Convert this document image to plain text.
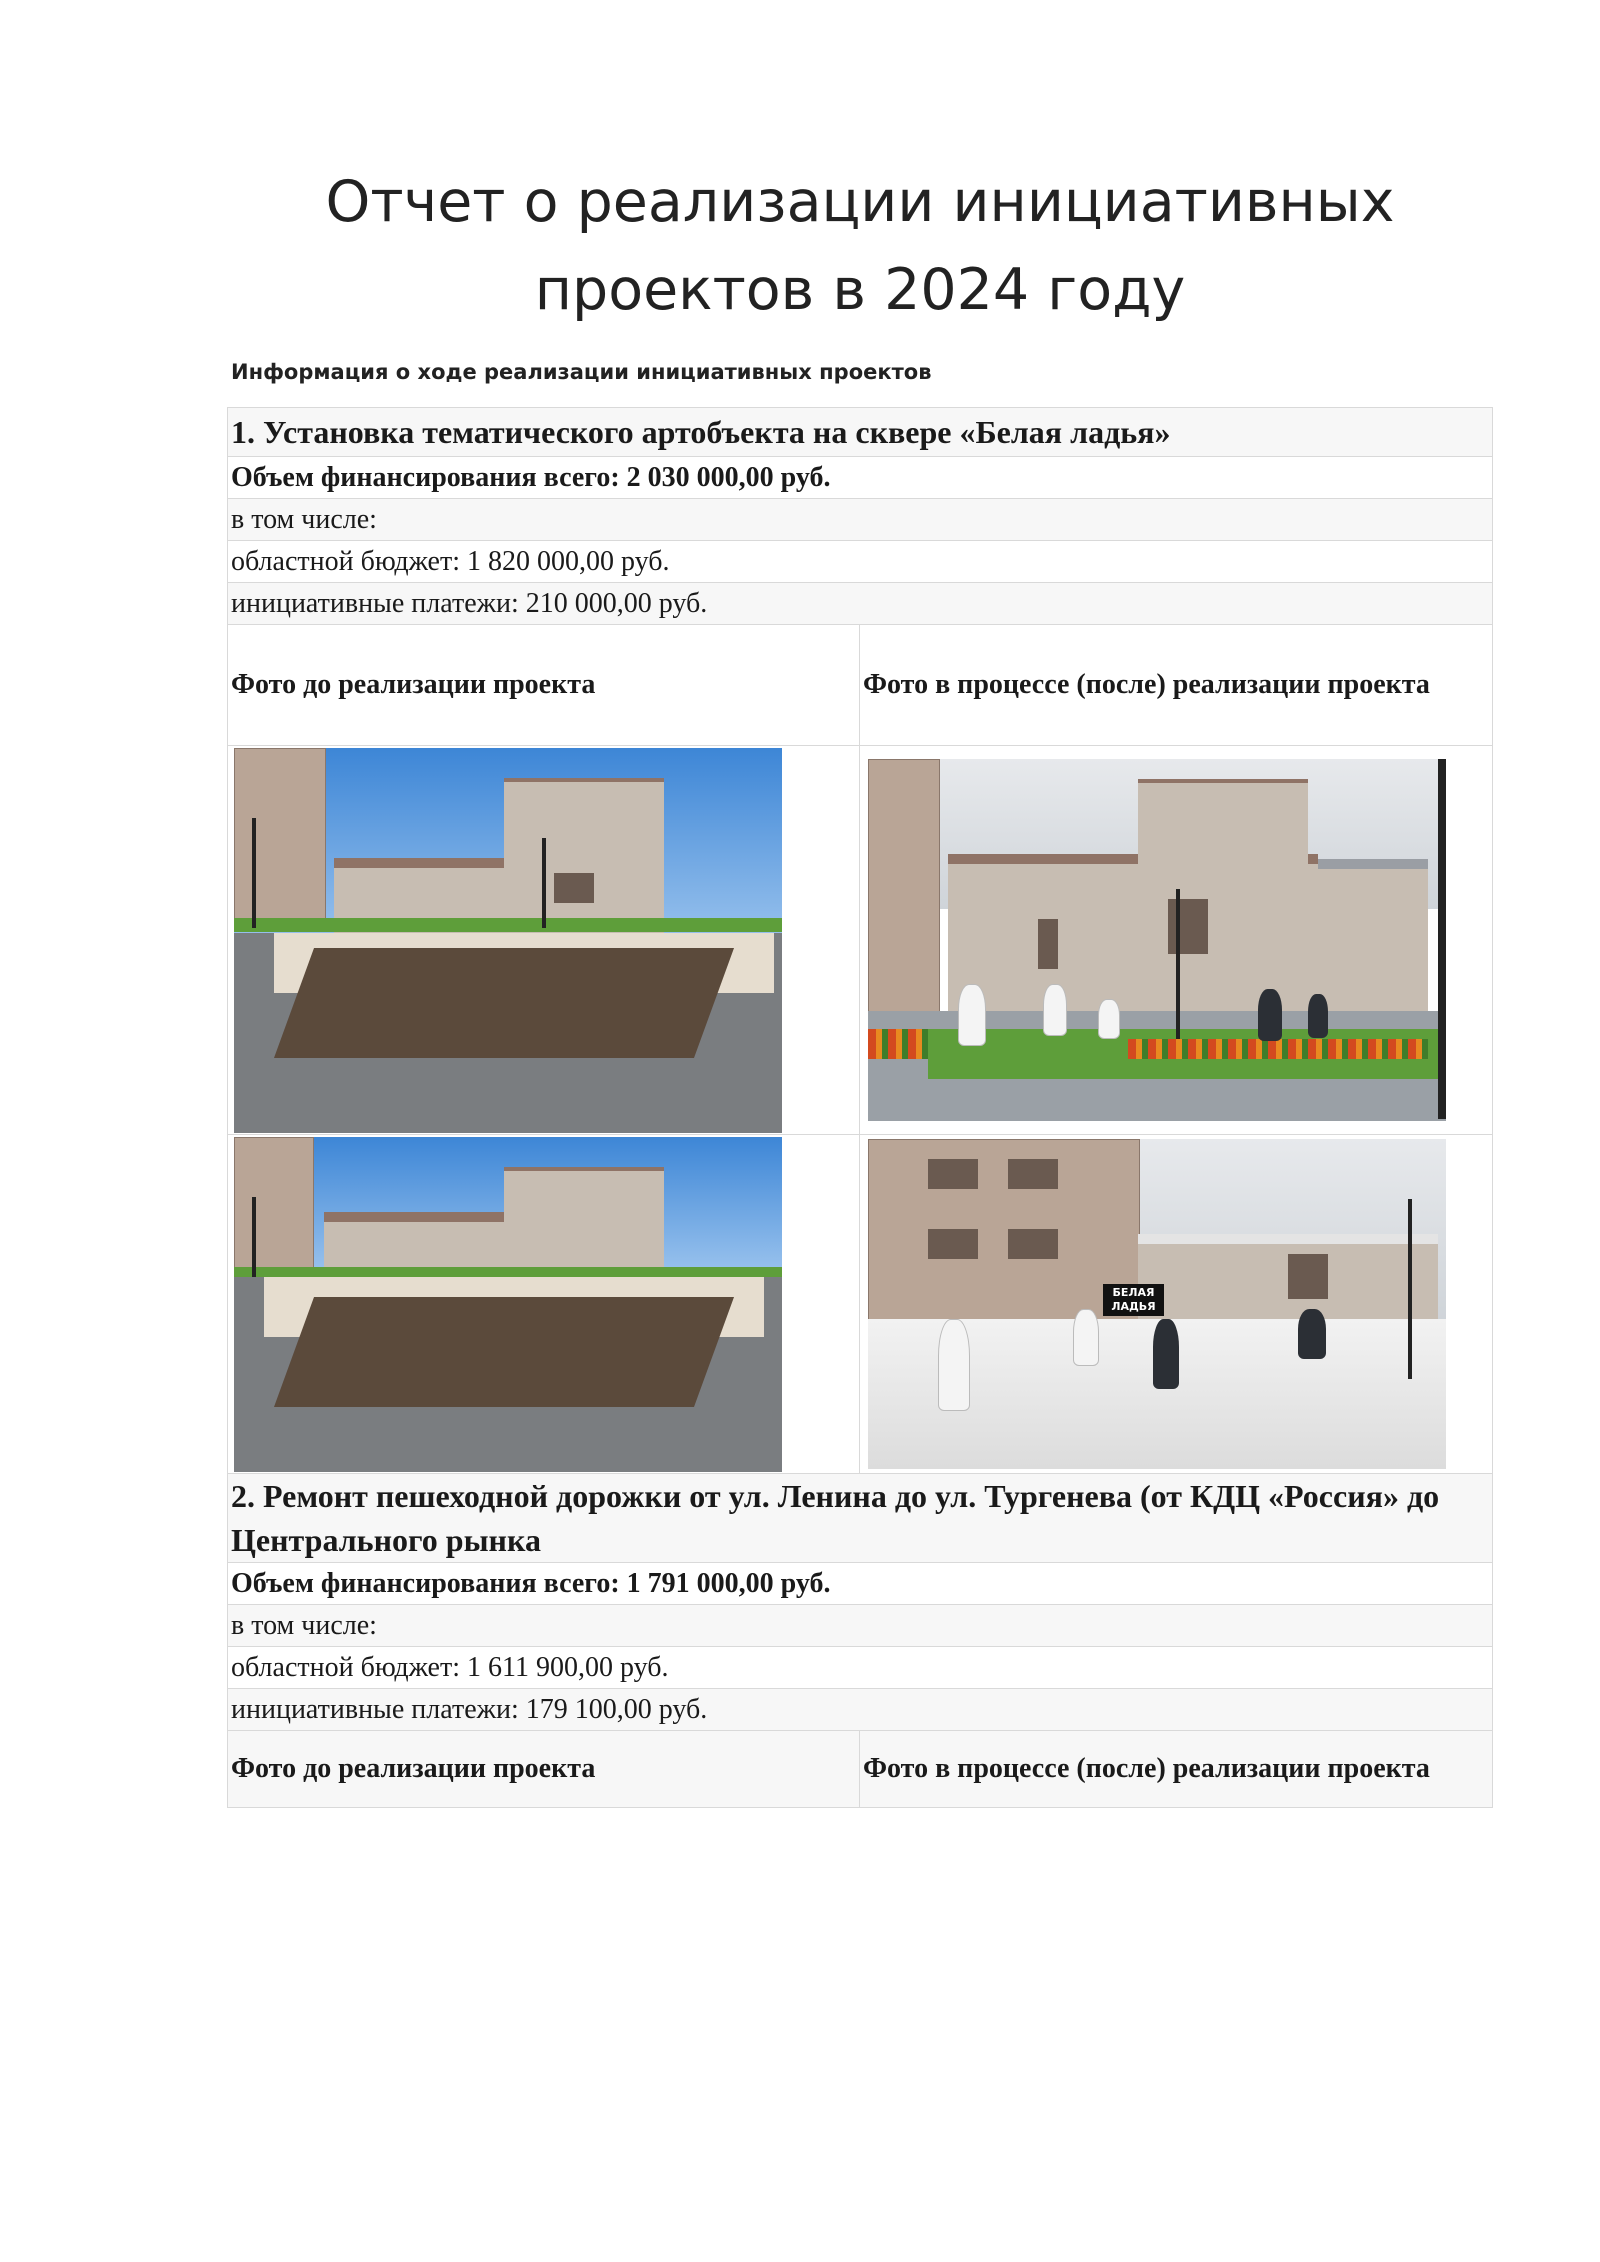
Отчет о реализации инициативных
проектов в 2024 году
Информация о ходе реализации инициативных проектов
1. Установка тематического артобъекта на сквере «Белая ладья»	
Объем финансирования всего: 2 030 000,00 руб.	
в том числе:	
областной бюджет: 1 820 000,00 руб.	
инициативные платежи: 210 000,00 руб.	
Фото до реализации проекта	Фото в процессе (после) реализации проекта

	БЕЛАЯ ЛАДЬЯ

2. Ремонт пешеходной дорожки от ул. Ленина до ул. Тургенева (от КДЦ «Россия» до Центрального рынка	
Объем финансирования всего: 1 791 000,00 руб.	
в том числе:	
областной бюджет: 1 611 900,00 руб.	
инициативные платежи: 179 100,00 руб.	
Фото до реализации проекта	Фото в процессе (после) реализации проекта
